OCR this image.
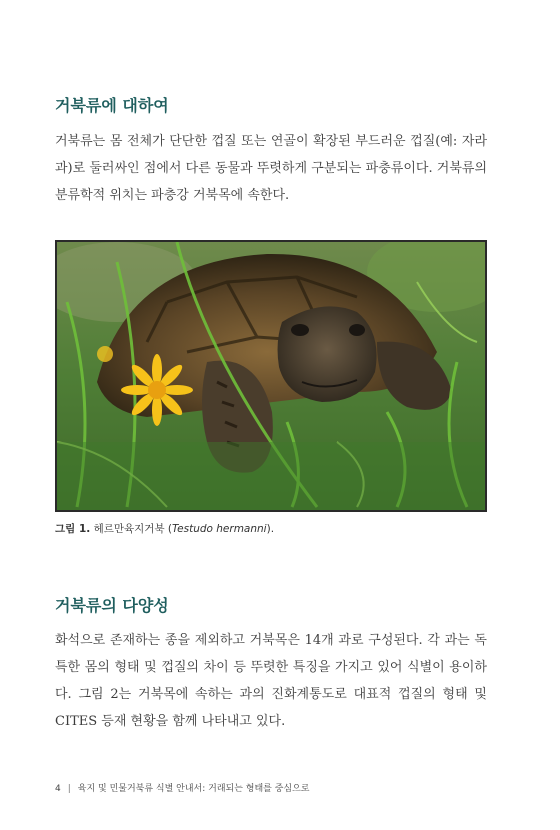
거북류에 대하여

거북류는 몸 전체가 단단한 껍질 또는 연골이 확장된 부드러운 껍질(예: 자라과)로 둘러싸인 점에서 다른 동물과 뚜렷하게 구분되는 파충류이다. 거북류의 분류학적 위치는 파충강 거북목에 속한다.

그림 1. 헤르만육지거북 (Testudo hermanni).
거북류의 다양성

화석으로 존재하는 종을 제외하고 거북목은 14개 과로 구성된다. 각 과는 독특한 몸의 형태 및 껍질의 차이 등 뚜렷한 특징을 가지고 있어 식별이 용이하다. 그림 2는 거북목에 속하는 과의 진화계통도로 대표적 껍질의 형태 및 CITES 등재 현황을 함께 나타내고 있다.

4 | 육지 및 민물거북류 식별 안내서: 거래되는 형태를 중심으로
